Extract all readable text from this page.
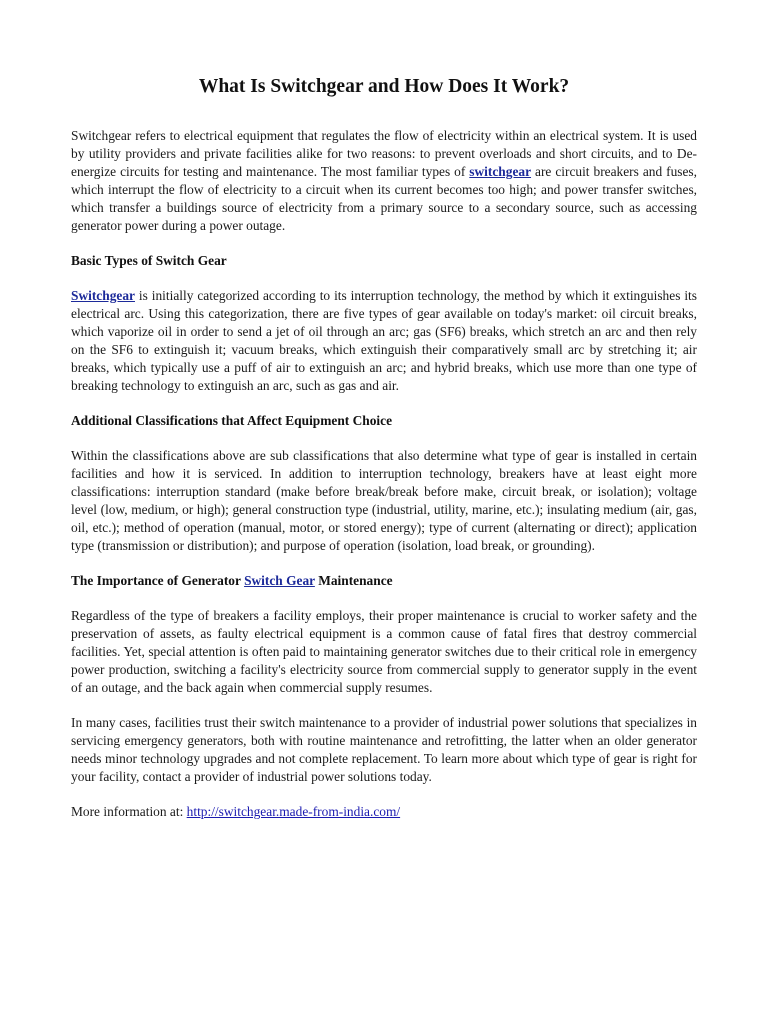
What Is Switchgear and How Does It Work?

Switchgear refers to electrical equipment that regulates the flow of electricity within an electrical system. It is used by utility providers and private facilities alike for two reasons: to prevent overloads and short circuits, and to De-energize circuits for testing and maintenance. The most familiar types of switchgear are circuit breakers and fuses, which interrupt the flow of electricity to a circuit when its current becomes too high; and power transfer switches, which transfer a buildings source of electricity from a primary source to a secondary source, such as accessing generator power during a power outage.

Basic Types of Switch Gear

Switchgear is initially categorized according to its interruption technology, the method by which it extinguishes its electrical arc. Using this categorization, there are five types of gear available on today's market: oil circuit breaks, which vaporize oil in order to send a jet of oil through an arc; gas (SF6) breaks, which stretch an arc and then rely on the SF6 to extinguish it; vacuum breaks, which extinguish their comparatively small arc by stretching it; air breaks, which typically use a puff of air to extinguish an arc; and hybrid breaks, which use more than one type of breaking technology to extinguish an arc, such as gas and air.

Additional Classifications that Affect Equipment Choice

Within the classifications above are sub classifications that also determine what type of gear is installed in certain facilities and how it is serviced. In addition to interruption technology, breakers have at least eight more classifications: interruption standard (make before break/break before make, circuit break, or isolation); voltage level (low, medium, or high); general construction type (industrial, utility, marine, etc.); insulating medium (air, gas, oil, etc.); method of operation (manual, motor, or stored energy); type of current (alternating or direct); application type (transmission or distribution); and purpose of operation (isolation, load break, or grounding).

The Importance of Generator Switch Gear Maintenance

Regardless of the type of breakers a facility employs, their proper maintenance is crucial to worker safety and the preservation of assets, as faulty electrical equipment is a common cause of fatal fires that destroy commercial facilities. Yet, special attention is often paid to maintaining generator switches due to their critical role in emergency power production, switching a facility's electricity source from commercial supply to generator supply in the event of an outage, and the back again when commercial supply resumes.

In many cases, facilities trust their switch maintenance to a provider of industrial power solutions that specializes in servicing emergency generators, both with routine maintenance and retrofitting, the latter when an older generator needs minor technology upgrades and not complete replacement. To learn more about which type of gear is right for your facility, contact a provider of industrial power solutions today.

More information at: http://switchgear.made-from-india.com/
